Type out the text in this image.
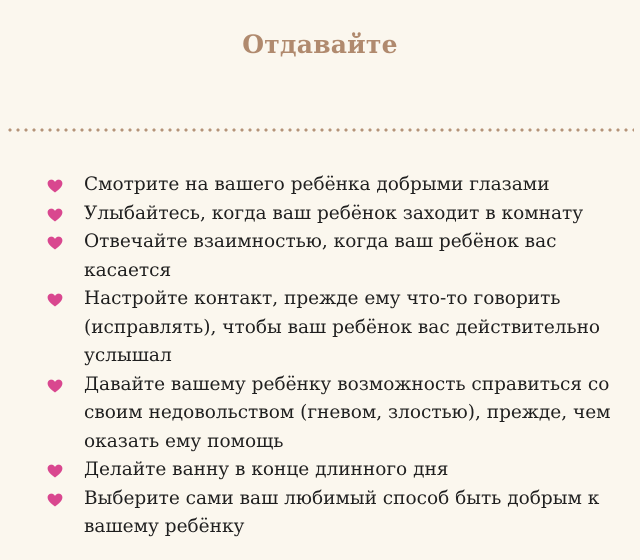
Отдавайте
Смотрите на вашего ребёнка добрыми глазами
Улыбайтесь, когда ваш ребёнок заходит в комнату
Отвечайте взаимностью, когда ваш ребёнок вас касается
Настройте контакт, прежде ему что-то говорить (исправлять), чтобы ваш ребёнок вас действительно услышал
Давайте вашему ребёнку возможность справиться со своим недовольством (гневом, злостью), прежде, чем оказать ему помощь
Делайте ванну в конце длинного дня
Выберите сами ваш любимый способ быть добрым к вашему ребёнку
